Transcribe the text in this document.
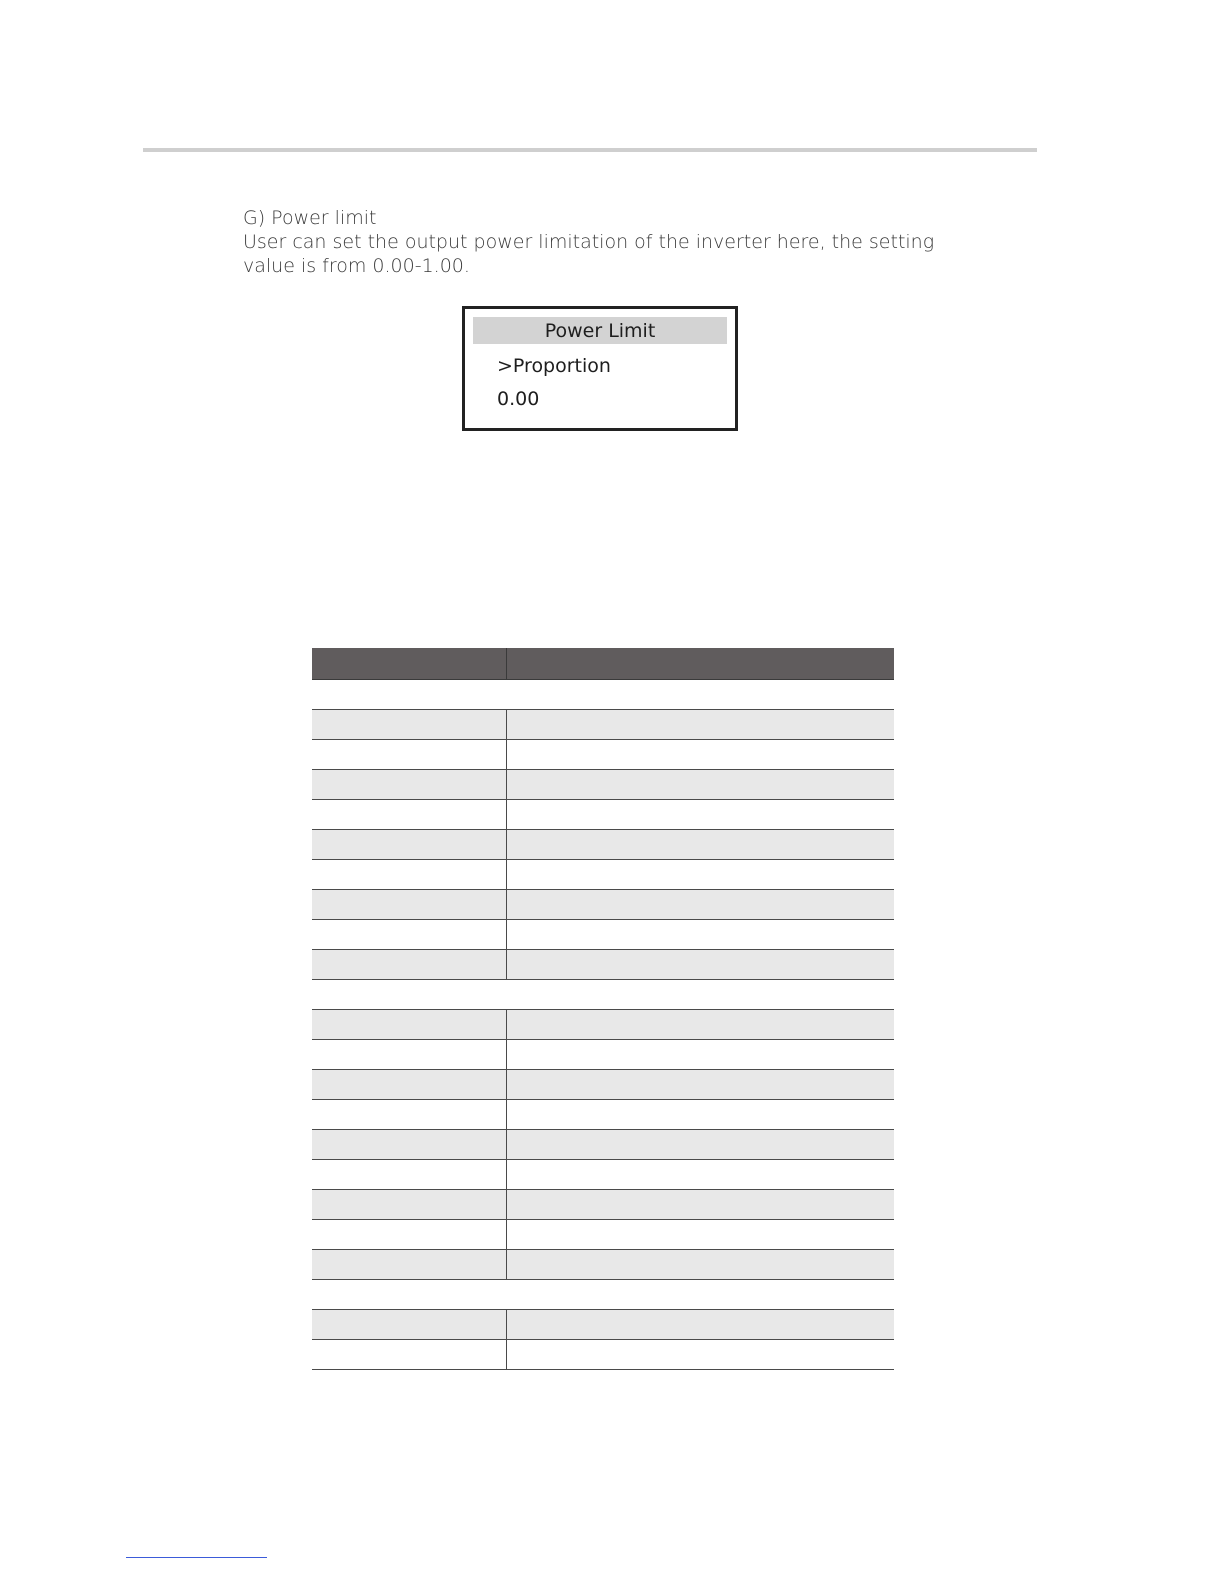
G) Power limit

User can set the output power limitation of the inverter here, the setting value is from 0.00-1.00.

Power Limit
>Proportion
0.00
